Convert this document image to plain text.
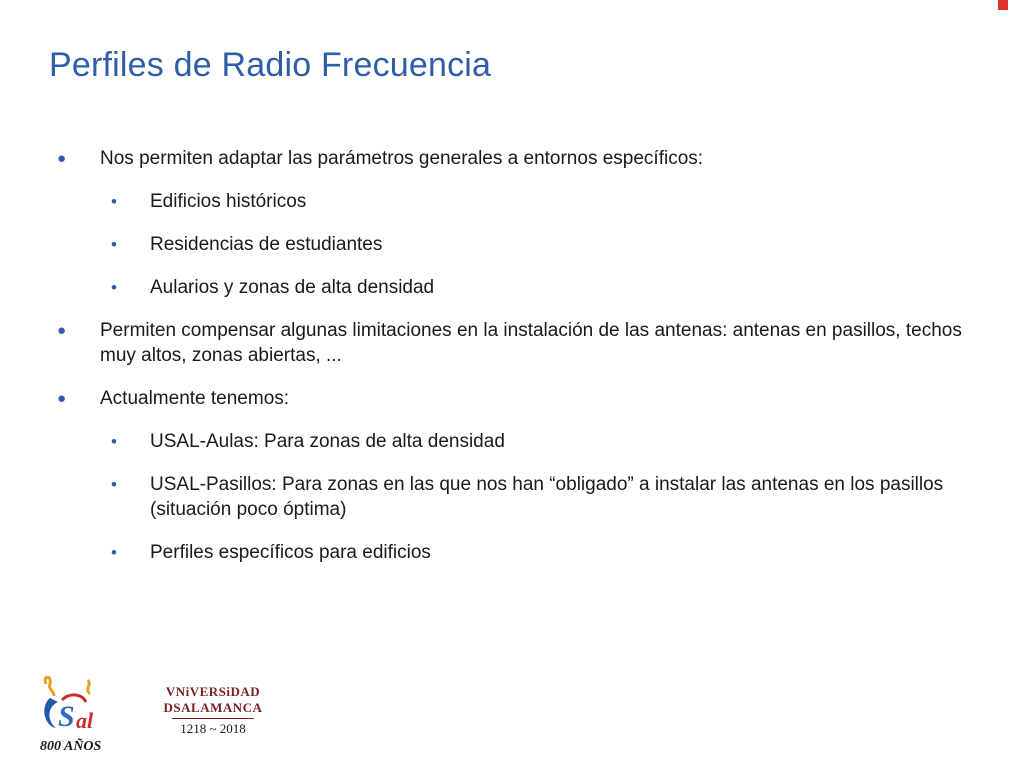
Perfiles de Radio Frecuencia
● Nos permiten adaptar las parámetros generales a entornos específicos:
• Edificios históricos
• Residencias de estudiantes
• Aularios y zonas de alta densidad
● Permiten compensar algunas limitaciones en la instalación de las antenas: antenas en pasillos, techos muy altos, zonas abiertas, ...
● Actualmente tenemos:
• USAL-Aulas: Para zonas de alta densidad
• USAL-Pasillos: Para zonas en las que nos han “obligado” a instalar las antenas en los pasillos (situación poco óptima)
• Perfiles específicos para edificios
S al
800 AÑOS
VNiVERSiDAD
DSALAMANCA
1218 ~ 2018
